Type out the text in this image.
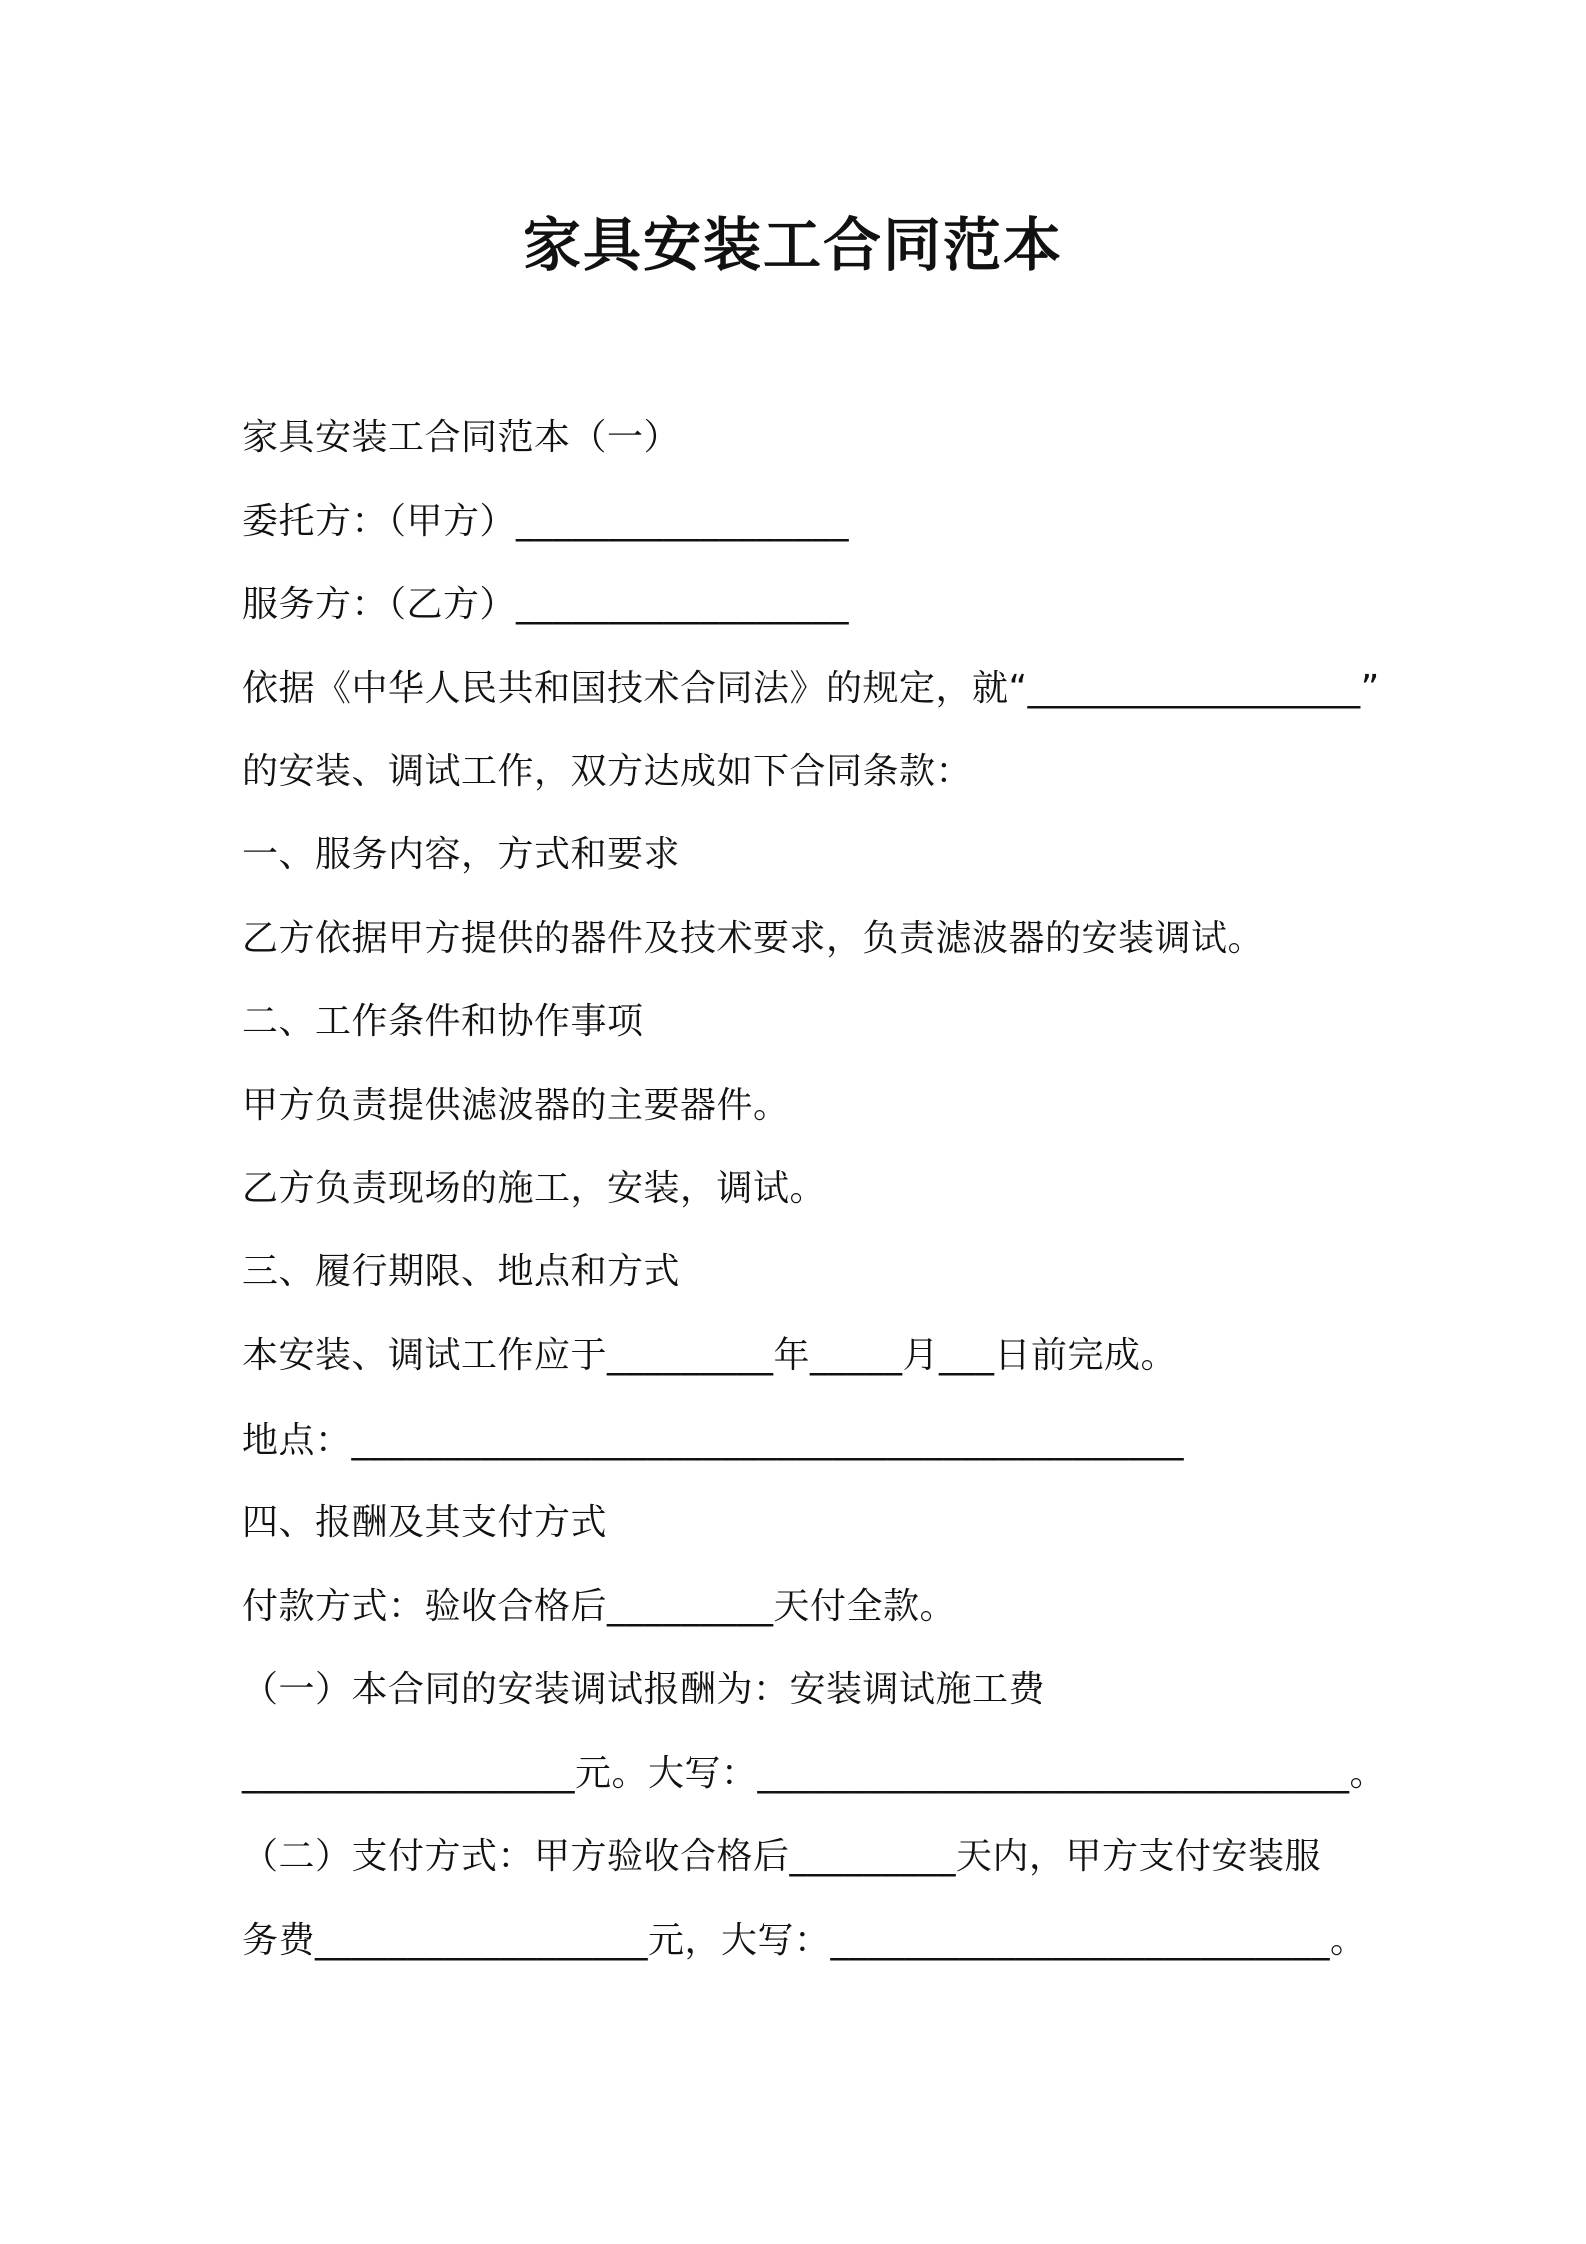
家具安装工合同范本
家具安装工合同范本（一）
委托方：（甲方）__________________
服务方：（乙方）__________________
依据《中华人民共和国技术合同法》的规定，就“__________________”
的安装、调试工作，双方达成如下合同条款：
一、服务内容，方式和要求
乙方依据甲方提供的器件及技术要求，负责滤波器的安装调试。
二、工作条件和协作事项
甲方负责提供滤波器的主要器件。
乙方负责现场的施工，安装，调试。
三、履行期限、地点和方式
本安装、调试工作应于_________年_____月___日前完成。
地点：_____________________________________________
四、报酬及其支付方式
付款方式：验收合格后_________天付全款。
（一）本合同的安装调试报酬为：安装调试施工费
__________________元。大写：________________________________。
（二）支付方式：甲方验收合格后_________天内，甲方支付安装服
务费__________________元，大写：___________________________。
